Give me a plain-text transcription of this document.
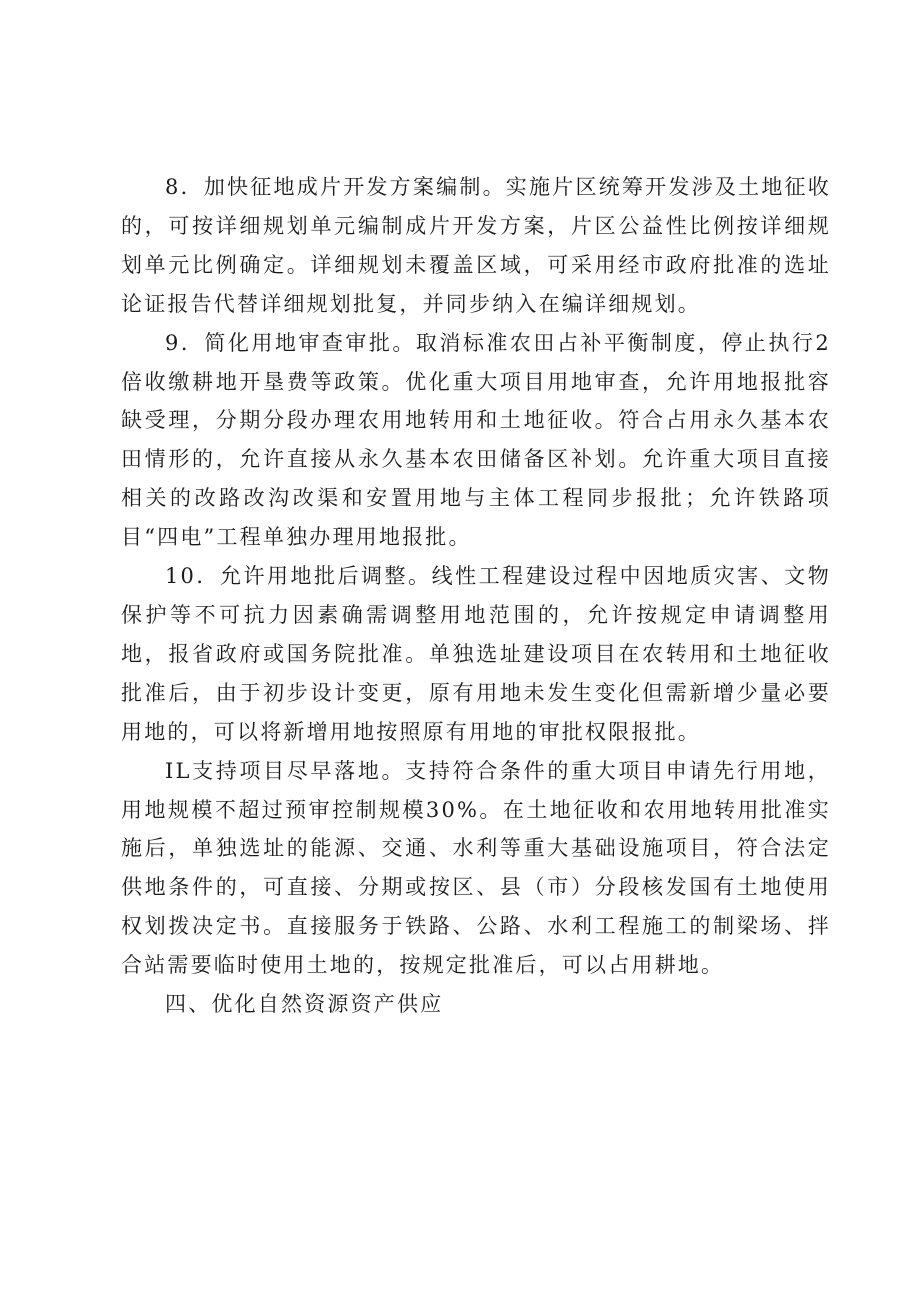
8．加快征地成片开发方案编制。实施片区统筹开发涉及土地征收的，可按详细规划单元编制成片开发方案，片区公益性比例按详细规划单元比例确定。详细规划未覆盖区域，可采用经市政府批准的选址论证报告代替详细规划批复，并同步纳入在编详细规划。

9．简化用地审查审批。取消标准农田占补平衡制度，停止执行2倍收缴耕地开垦费等政策。优化重大项目用地审查，允许用地报批容缺受理，分期分段办理农用地转用和土地征收。符合占用永久基本农田情形的，允许直接从永久基本农田储备区补划。允许重大项目直接相关的改路改沟改渠和安置用地与主体工程同步报批；允许铁路项目“四电”工程单独办理用地报批。

10．允许用地批后调整。线性工程建设过程中因地质灾害、文物保护等不可抗力因素确需调整用地范围的，允许按规定申请调整用地，报省政府或国务院批准。单独选址建设项目在农转用和土地征收批准后，由于初步设计变更，原有用地未发生变化但需新增少量必要用地的，可以将新增用地按照原有用地的审批权限报批。

IL支持项目尽早落地。支持符合条件的重大项目申请先行用地，用地规模不超过预审控制规模30%。在土地征收和农用地转用批准实施后，单独选址的能源、交通、水利等重大基础设施项目，符合法定供地条件的，可直接、分期或按区、县（市）分段核发国有土地使用权划拨决定书。直接服务于铁路、公路、水利工程施工的制梁场、拌合站需要临时使用土地的，按规定批准后，可以占用耕地。

四、优化自然资源资产供应
